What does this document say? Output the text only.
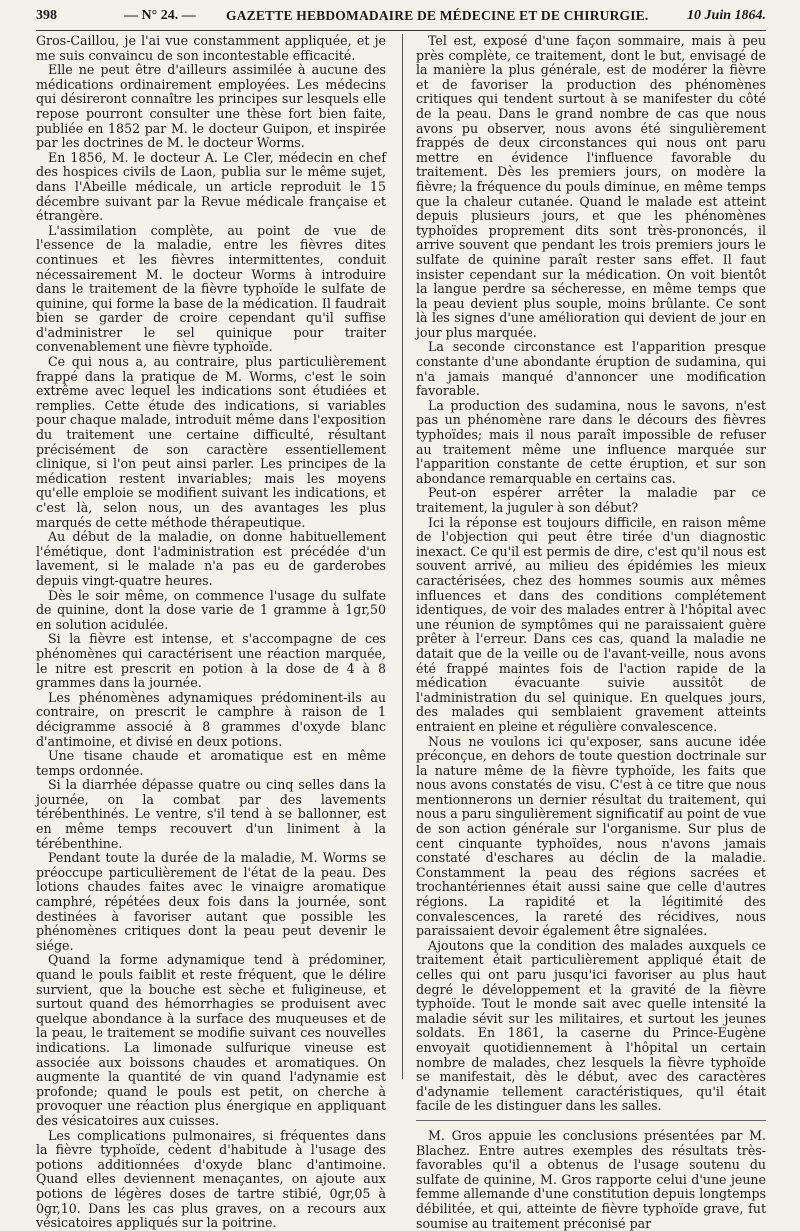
398	— N° 24. — GAZETTE HEBDOMADAIRE DE MÉDECINE ET DE CHIRURGIE.	10 Juin 1864.

Gros-Caillou, je l'ai vue constamment appliquée, et je me suis convaincu de son incontestable efficacité.

Elle ne peut être d'ailleurs assimilée à aucune des médications ordinairement employées. Les médecins qui désireront connaître les principes sur lesquels elle repose pourront consulter une thèse fort bien faite, publiée en 1852 par M. le docteur Guipon, et inspirée par les doctrines de M. le docteur Worms.

En 1856, M. le docteur A. Le Cler, médecin en chef des hospices civils de Laon, publia sur le même sujet, dans l'Abeille médicale, un article reproduit le 15 décembre suivant par la Revue médicale française et étrangère.

L'assimilation complète, au point de vue de l'essence de la maladie, entre les fièvres dites continues et les fièvres intermittentes, conduit nécessairement M. le docteur Worms à introduire dans le traitement de la fièvre typhoïde le sulfate de quinine, qui forme la base de la médication. Il faudrait bien se garder de croire cependant qu'il suffise d'administrer le sel quinique pour traiter convenablement une fièvre typhoïde.

Ce qui nous a, au contraire, plus particulièrement frappé dans la pratique de M. Worms, c'est le soin extrême avec lequel les indications sont étudiées et remplies. Cette étude des indications, si variables pour chaque malade, introduit même dans l'exposition du traitement une certaine difficulté, résultant précisément de son caractère essentiellement clinique, si l'on peut ainsi parler. Les principes de la médication restent invariables; mais les moyens qu'elle emploie se modifient suivant les indications, et c'est là, selon nous, un des avantages les plus marqués de cette méthode thérapeutique.

Au début de la maladie, on donne habituellement l'émétique, dont l'administration est précédée d'un lavement, si le malade n'a pas eu de garderobes depuis vingt-quatre heures.

Dès le soir même, on commence l'usage du sulfate de quinine, dont la dose varie de 1 gramme à 1gr,50 en solution acidulée.

Si la fièvre est intense, et s'accompagne de ces phénomènes qui caractérisent une réaction marquée, le nitre est prescrit en potion à la dose de 4 à 8 grammes dans la journée.

Les phénomènes adynamiques prédominent-ils au contraire, on prescrit le camphre à raison de 1 décigramme associé à 8 grammes d'oxyde blanc d'antimoine, et divisé en deux potions.

Une tisane chaude et aromatique est en même temps ordonnée.

Si la diarrhée dépasse quatre ou cinq selles dans la journée, on la combat par des lavements térébenthinés. Le ventre, s'il tend à se ballonner, est en même temps recouvert d'un liniment à la térébenthine.

Pendant toute la durée de la maladie, M. Worms se préoccupe particulièrement de l'état de la peau. Des lotions chaudes faites avec le vinaigre aromatique camphré, répétées deux fois dans la journée, sont destinées à favoriser autant que possible les phénomènes critiques dont la peau peut devenir le siége.

Quand la forme adynamique tend à prédominer, quand le pouls faiblit et reste fréquent, que le délire survient, que la bouche est sèche et fuligineuse, et surtout quand des hémorrhagies se produisent avec quelque abondance à la surface des muqueuses et de la peau, le traitement se modifie suivant ces nouvelles indications. La limonade sulfurique vineuse est associée aux boissons chaudes et aromatiques. On augmente la quantité de vin quand l'adynamie est profonde; quand le pouls est petit, on cherche à provoquer une réaction plus énergique en appliquant des vésicatoires aux cuisses.

Les complications pulmonaires, si fréquentes dans la fièvre typhoïde, cèdent d'habitude à l'usage des potions additionnées d'oxyde blanc d'antimoine. Quand elles deviennent menaçantes, on ajoute aux potions de légères doses de tartre stibié, 0gr,05 à 0gr,10. Dans les cas plus graves, on a recours aux vésicatoires appliqués sur la poitrine.

Tel est, exposé d'une façon sommaire, mais à peu près complète, ce traitement, dont le but, envisagé de la manière la plus générale, est de modérer la fièvre et de favoriser la production des phénomènes critiques qui tendent surtout à se manifester du côté de la peau. Dans le grand nombre de cas que nous avons pu observer, nous avons été singulièrement frappés de deux circonstances qui nous ont paru mettre en évidence l'influence favorable du traitement. Dès les premiers jours, on modère la fièvre; la fréquence du pouls diminue, en même temps que la chaleur cutanée. Quand le malade est atteint depuis plusieurs jours, et que les phénomènes typhoïdes proprement dits sont très-prononcés, il arrive souvent que pendant les trois premiers jours le sulfate de quinine paraît rester sans effet. Il faut insister cependant sur la médication. On voit bientôt la langue perdre sa sécheresse, en même temps que la peau devient plus souple, moins brûlante. Ce sont là les signes d'une amélioration qui devient de jour en jour plus marquée.

La seconde circonstance est l'apparition presque constante d'une abondante éruption de sudamina, qui n'a jamais manqué d'annoncer une modification favorable.

La production des sudamina, nous le savons, n'est pas un phénomène rare dans le décours des fièvres typhoïdes; mais il nous paraît impossible de refuser au traitement même une influence marquée sur l'apparition constante de cette éruption, et sur son abondance remarquable en certains cas.

Peut-on espérer arrêter la maladie par ce traitement, la juguler à son début?

Ici la réponse est toujours difficile, en raison même de l'objection qui peut être tirée d'un diagnostic inexact. Ce qu'il est permis de dire, c'est qu'il nous est souvent arrivé, au milieu des épidémies les mieux caractérisées, chez des hommes soumis aux mêmes influences et dans des conditions complétement identiques, de voir des malades entrer à l'hôpital avec une réunion de symptômes qui ne paraissaient guère prêter à l'erreur. Dans ces cas, quand la maladie ne datait que de la veille ou de l'avant-veille, nous avons été frappé maintes fois de l'action rapide de la médication évacuante suivie aussitôt de l'administration du sel quinique. En quelques jours, des malades qui semblaient gravement atteints entraient en pleine et régulière convalescence.

Nous ne voulons ici qu'exposer, sans aucune idée préconçue, en dehors de toute question doctrinale sur la nature même de la fièvre typhoïde, les faits que nous avons constatés de visu. C'est à ce titre que nous mentionnerons un dernier résultat du traitement, qui nous a paru singulièrement significatif au point de vue de son action générale sur l'organisme. Sur plus de cent cinquante typhoïdes, nous n'avons jamais constaté d'eschares au déclin de la maladie. Constamment la peau des régions sacrées et trochantériennes était aussi saine que celle d'autres régions. La rapidité et la légitimité des convalescences, la rareté des récidives, nous paraissaient devoir également être signalées.

Ajoutons que la condition des malades auxquels ce traitement était particulièrement appliqué était de celles qui ont paru jusqu'ici favoriser au plus haut degré le développement et la gravité de la fièvre typhoïde. Tout le monde sait avec quelle intensité la maladie sévit sur les militaires, et surtout les jeunes soldats. En 1861, la caserne du Prince-Eugène envoyait quotidiennement à l'hôpital un certain nombre de malades, chez lesquels la fièvre typhoïde se manifestait, dès le début, avec des caractères d'adynamie tellement caractéristiques, qu'il était facile de les distinguer dans les salles.

M. Gros appuie les conclusions présentées par M. Blachez. Entre autres exemples des résultats très-favorables qu'il a obtenus de l'usage soutenu du sulfate de quinine, M. Gros rapporte celui d'une jeune femme allemande d'une constitution depuis longtemps débilitée, et qui, atteinte de fièvre typhoïde grave, fut soumise au traitement préconisé par
